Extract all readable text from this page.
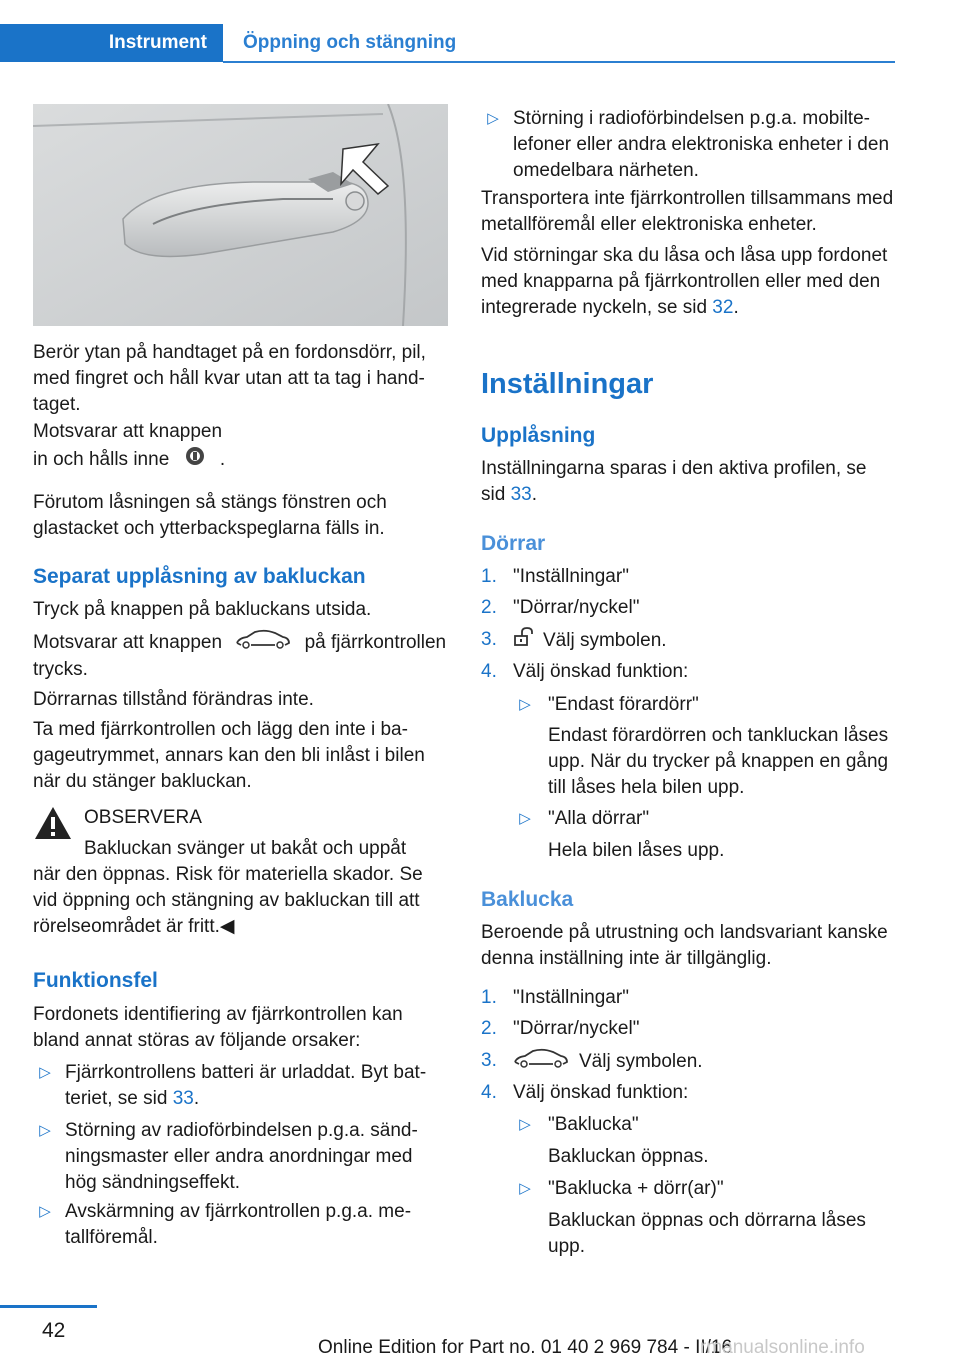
Instrument	Öppning och stängning
Berör ytan på handtaget på en fordonsdörr, pil, med fingret och håll kvar utan att ta tag i handtaget.
Motsvarar att knappen

in och hålls inne	.
Förutom låsningen så stängs fönstren och glastacket och ytterbackspeglarna fälls in.
Separat upplåsning av bakluckan
Tryck på knappen på bakluckans utsida.
Motsvarar att knappen	på fjärrkontrollen trycks.
Dörrarnas tillstånd förändras inte.
Ta med fjärrkontrollen och lägg den inte i bagageutrymmet, annars kan den bli inlåst i bilen när du stänger bakluckan.
OBSERVERA
Bakluckan svänger ut bakåt och uppåt
när den öppnas. Risk för materiella skador. Se vid öppning och stängning av bakluckan till att rörelseområdet är fritt.◀
Funktionsfel
Fordonets identifiering av fjärrkontrollen kan bland annat störas av följande orsaker:
▷ Fjärrkontrollens batteri är urladdat. Byt batteriet, se sid 33.
▷ Störning av radioförbindelsen p.g.a. sändningsmaster eller andra anordningar med hög sändningseffekt.
▷ Avskärmning av fjärrkontrollen p.g.a. metallföremål.
▷ Störning i radioförbindelsen p.g.a. mobiltelefoner eller andra elektroniska enheter i den omedelbara närheten.
Transportera inte fjärrkontrollen tillsammans med metallföremål eller elektroniska enheter.
Vid störningar ska du låsa och låsa upp fordonet med knapparna på fjärrkontrollen eller med den integrerade nyckeln, se sid 32.
Inställningar
Upplåsning
Inställningarna sparas i den aktiva profilen, se sid 33.
Dörrar
1. "Inställningar"
2. "Dörrar/nyckel"
3.	Välj symbolen.
4. Välj önskad funktion:
▷ "Endast förardörr"
Endast förardörren och tankluckan låses upp. När du trycker på knappen en gång till låses hela bilen upp.
▷ "Alla dörrar"
Hela bilen låses upp.
Baklucka
Beroende på utrustning och landsvariant kanske denna inställning inte är tillgänglig.
1. "Inställningar"
2. "Dörrar/nyckel"
3.	Välj symbolen.
4. Välj önskad funktion:
▷ "Baklucka"
Bakluckan öppnas.
▷ "Baklucka + dörr(ar)"
Bakluckan öppnas och dörrarna låses upp.
42
Online Edition for Part no. 01 40 2 969 784 - II/16
rmanualsonline.info
